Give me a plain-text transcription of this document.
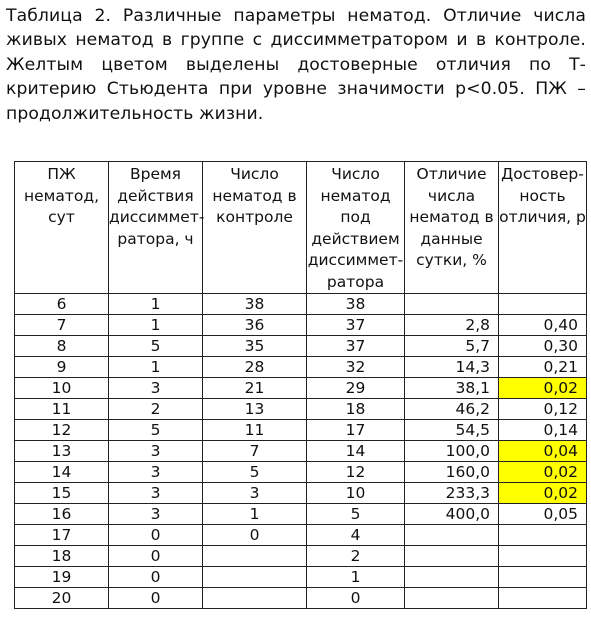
Таблица 2. Различные параметры нематод. Отличие числа живых нематод в группе с диссимметратором и в контроле. Желтым цветом выделены достоверные отличия по Т-критерию Стьюдента при уровне значимости p<0.05. ПЖ – продолжительность жизни.
ПЖ нематод, сут	Время действия диссиммет-ратора, ч	Число нематод в контроле	Число нематод под действием диссиммет-ратора	Отличие числа нематод в данные сутки, %	Достовер-ность отличия, р
6	1	38	38		
7	1	36	37	2,8	0,40
8	5	35	37	5,7	0,30
9	1	28	32	14,3	0,21
10	3	21	29	38,1	0,02
11	2	13	18	46,2	0,12
12	5	11	17	54,5	0,14
13	3	7	14	100,0	0,04
14	3	5	12	160,0	0,02
15	3	3	10	233,3	0,02
16	3	1	5	400,0	0,05
17	0	0	4		
18	0		2		
19	0		1		
20	0		0		
